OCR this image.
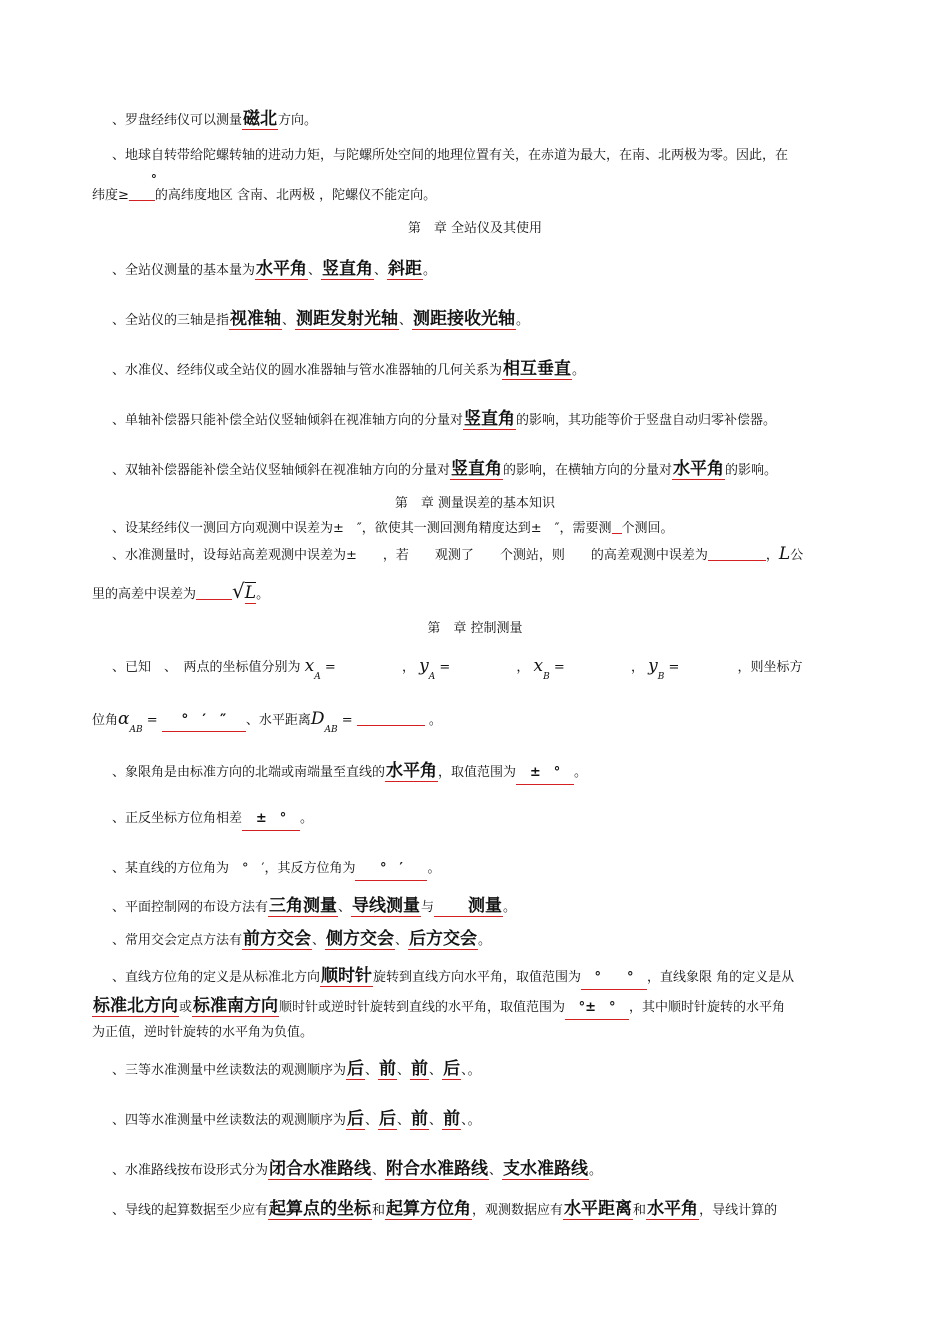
、罗盘经纬仪可以测量磁北方向。
、地球自转带给陀螺转轴的进动力矩，与陀螺所处空间的地理位置有关，在赤道为最大，在南、北两极为零。因此，在
纬度≥
°
的高纬度地区 含南、北两极 ，陀螺仪不能定向。
第　章 全站仪及其使用
、全站仪测量的基本量为水平角、竖直角、斜距。
、全站仪的三轴是指视准轴、测距发射光轴、测距接收光轴。
、水准仪、经纬仪或全站仪的圆水准器轴与管水准器轴的几何关系为相互垂直。
、单轴补偿器只能补偿全站仪竖轴倾斜在视准轴方向的分量对竖直角的影响，其功能等价于竖盘自动归零补偿器。
、双轴补偿器能补偿全站仪竖轴倾斜在视准轴方向的分量对竖直角的影响，在横轴方向的分量对水平角的影响。
第　章 测量误差的基本知识
、设某经纬仪一测回方向观测中误差为±　″，欲使其一测回测角精度达到±　″，需要测 个测回。
、水准测量时，设每站高差观测中误差为±　　，若　　观测了　　个测站，则　　的高差观测中误差为	，L公
里的高差中误差为 √L。
第　章 控制测量
、已知　、　两点的坐标值分别为 $x_A$ =	， $y_A$ =	， $x_B$ =	， $y_B$ =	，则坐标方
位角$\alpha_{AB}$ = °　′　″ 、水平距离$D_{AB}$ =	。
、象限角是由标准方向的北端或南端量至直线的水平角，取值范围为 ±　° 。
、正反坐标方位角相差 ±　° 。
、某直线的方位角为　°　′，其反方位角为 °　′ 。
、平面控制网的布设方法有三角测量、导线测量与 测量。
、常用交会定点方法有前方交会、侧方交会、后方交会。
、直线方位角的定义是从标准北方向顺时针旋转到直线方向水平角，取值范围为 °　　° ，直线象限 角的定义是从
标准北方向或标准南方向顺时针或逆时针旋转到直线的水平角，取值范围为 °±　° ，其中顺时针旋转的水平角
为正值，逆时针旋转的水平角为负值。
、三等水准测量中丝读数法的观测顺序为后、前、前、后、。
、四等水准测量中丝读数法的观测顺序为后、后、前、前、。
、水准路线按布设形式分为闭合水准路线、附合水准路线、支水准路线。
、导线的起算数据至少应有起算点的坐标和起算方位角，观测数据应有水平距离和水平角，导线计算的
